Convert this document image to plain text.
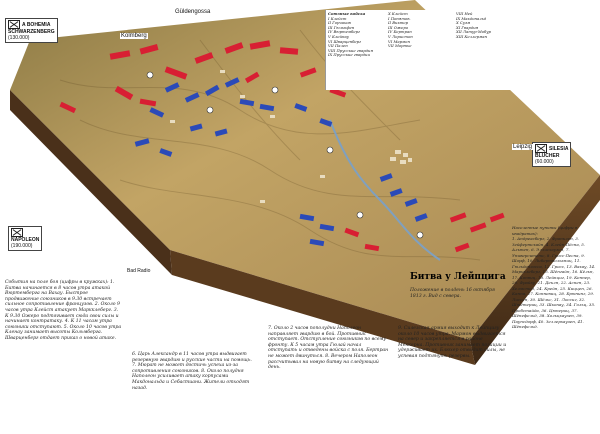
A BOHEMIA
SCHWARZENBERG
(130.000)
SILESIA
BLÜCHER
(60.000)

NAPOLEON
(190.000)
Kolmberg
Güldengossa
Leipzig
Bad Radio
Союзные войска
I Клейст
II Горчаков
III Гюльпфен
IV Вюртемберг
V Клейнау
VI Шварценберг
VII Пален
VIII Прусские гвардия
IX Прусские гвардии
X Клейст
I Понятов.
II Виктор
III Ожеро
IV Бертран
V Лористон
VI Мармон
VII Мортье
VIII Ней
IX Макдональд
X Суэм
XI Гвардия
XII Латур-Мобур
XIII Келлерман
Населенные пункты (цифры в квадратах):
1. Андреасберг, 2. Франклен, 3. Зейфертсхайн, 4. Клейн-Пёснa, 5. Альтен, 6. Эллисхаузен, 7. Университетс, 8. Гросс-Песна, 9. Шорф, 10. Либертволькниц, 11. Гюльденгосса, 12. Гросс, 13. Вахау, 14. Маркклеберг, 15. Шёнгайн, 16. Кёльн, 17. Конвиц, 18. Лейпциг, 19. Кеннер, 20. Фрайзу, 21. Деклн, 22. Аспен, 23. Хелмстед, 24. Крейн, 25. Киццен, 26. Канна, 27. Конневиц, 28. Брюнинг, 29. Лиссен, 30. Шёльс, 31. Лоссиг, 32. Штётериц, 33. Шкопау, 34. Гольц, 35. Пробстайда, 36. Цюнериц, 37. Шёнефельд, 38. Хольцхаузен, 39. Паунсдорф, 40. Зеллерхаузен, 41. Шёнефельд.
Битва у Лейпцига
Положение в полдень 16 октября 1813 г. Вид с севера.
События на поле боя (цифры в кружках): 1. Битва начинается в 8 часов утра атакой Вюртемберга на Вахау. Быстрое продвижение союзников в 9.30 встречает сильное сопротивление французов. 2. Около 9 часов утра Клейст атакует Маркклеберг. 3. К 9.30 Ожеро подтягивает сюда свои силы и начинает контратаку. 4. К 11 часам утра союзники отступают. 5. Около 10 часов утра Кленау занимает высоты Кольмберга. Шварценберг отдает приказ о новой атаке.
6. Царь Александр в 11 часов утра выдвигает резервную гвардию и русские части на помощь. 7. Мюрат не может достичь успеха из-за сопротивления союзников. 8. Около полудня Наполеон усиливает атаку корпусами Макдональда и Себастиани. Жители отходят назад.
7. Около 2 часов пополудни Наполеон направляет гвардию в бой. Противник отступает. Отступление союзников по всему фронту. К 5 часам утра Гюлай начал отступать и отведены войска с поля. Бертран не может двинуться. 8. Вечером Наполеон рассчитывал на новую битву на следующий день.
9. Силезская армия выходит к Лейпцигу около 10 часов утра. Мармон выдвигается на север и закрепляется в районе Мёккерна. Противник занимает позиции и удерживает их. Блюхер отводит силы, не успевая подтянуть резервы.
